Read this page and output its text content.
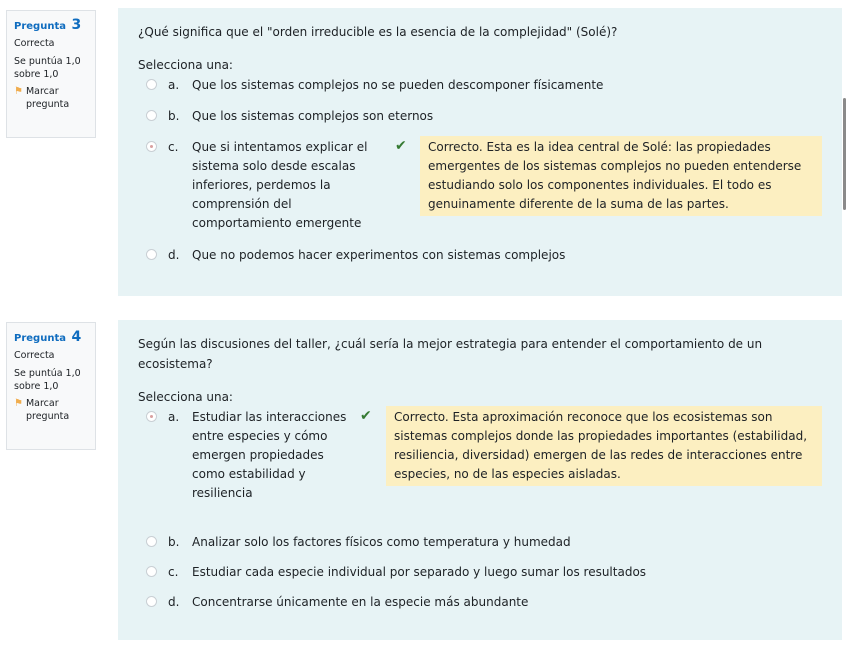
Pregunta 3
Correcta
Se puntúa 1,0 sobre 1,0
⚑ Marcar pregunta
¿Qué significa que el "orden irreducible es la esencia de la complejidad" (Solé)?
Selecciona una:
a. Que los sistemas complejos no se pueden descomponer físicamente
b. Que los sistemas complejos son eternos
c. Que si intentamos explicar el sistema solo desde escalas inferiores, perdemos la comprensión del comportamiento emergente
✔	Correcto. Esta es la idea central de Solé: las propiedades emergentes de los sistemas complejos no pueden entenderse estudiando solo los componentes individuales. El todo es genuinamente diferente de la suma de las partes.
d. Que no podemos hacer experimentos con sistemas complejos
Pregunta 4
Correcta
Se puntúa 1,0 sobre 1,0
⚑ Marcar pregunta
Según las discusiones del taller, ¿cuál sería la mejor estrategia para entender el comportamiento de un ecosistema?
Selecciona una:
a. Estudiar las interacciones entre especies y cómo emergen propiedades como estabilidad y resiliencia
✔	Correcto. Esta aproximación reconoce que los ecosistemas son sistemas complejos donde las propiedades importantes (estabilidad, resiliencia, diversidad) emergen de las redes de interacciones entre especies, no de las especies aisladas.
b. Analizar solo los factores físicos como temperatura y humedad
c. Estudiar cada especie individual por separado y luego sumar los resultados
d. Concentrarse únicamente en la especie más abundante
